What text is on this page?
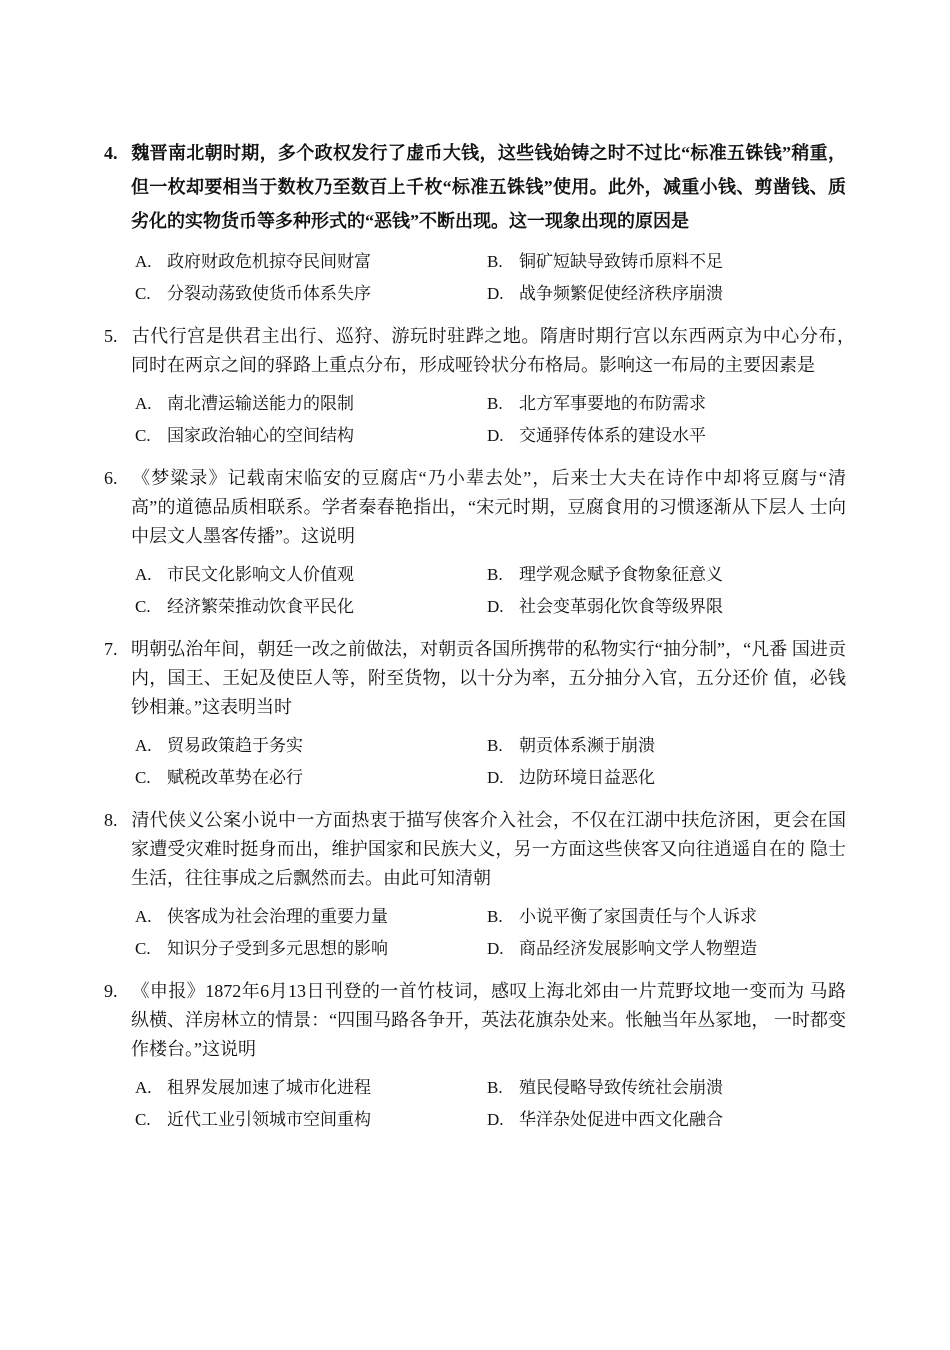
4. 魏晋南北朝时期，多个政权发行了虚币大钱，这些钱始铸之时不过比“标准五铢钱”稍重，但一枚却要相当于数枚乃至数百上千枚“标准五铢钱”使用。此外，减重小钱、剪凿钱、质劣化的实物货币等多种形式的“恶钱”不断出现。这一现象出现的原因是
A. 政府财政危机掠夺民间财富	B. 铜矿短缺导致铸币原料不足
C. 分裂动荡致使货币体系失序	D. 战争频繁促使经济秩序崩溃
5. 古代行宫是供君主出行、巡狩、游玩时驻跸之地。隋唐时期行宫以东西两京为中心分布，　同时在两京之间的驿路上重点分布，形成哑铃状分布格局。影响这一布局的主要因素是
A. 南北漕运输送能力的限制	B. 北方军事要地的布防需求
C. 国家政治轴心的空间结构	D. 交通驿传体系的建设水平
6. 《梦粱录》记载南宋临安的豆腐店“乃小辈去处”，后来士大夫在诗作中却将豆腐与“清 高”的道德品质相联系。学者秦春艳指出，“宋元时期，豆腐食用的习惯逐渐从下层人 士向中层文人墨客传播”。这说明
A. 市民文化影响文人价值观	B. 理学观念赋予食物象征意义
C. 经济繁荣推动饮食平民化	D. 社会变革弱化饮食等级界限
7. 明朝弘治年间，朝廷一改之前做法，对朝贡各国所携带的私物实行“抽分制”，“凡番 国进贡内，国王、王妃及使臣人等，附至货物，以十分为率，五分抽分入官，五分还价 值，必钱钞相兼。”这表明当时
A. 贸易政策趋于务实	B. 朝贡体系濒于崩溃
C. 赋税改革势在必行	D. 边防环境日益恶化
8. 清代侠义公案小说中一方面热衷于描写侠客介入社会，不仅在江湖中扶危济困，更会在国家遭受灾难时挺身而出，维护国家和民族大义，另一方面这些侠客又向往逍遥自在的 隐士生活，往往事成之后飘然而去。由此可知清朝
A. 侠客成为社会治理的重要力量	B. 小说平衡了家国责任与个人诉求
C. 知识分子受到多元思想的影响	D. 商品经济发展影响文学人物塑造
9. 《申报》1872年6月13日刊登的一首竹枝词，感叹上海北郊由一片荒野坟地一变而为 马路纵横、洋房林立的情景：“四围马路各争开，英法花旗杂处来。怅触当年丛冢地， 一时都变作楼台。”这说明
A. 租界发展加速了城市化进程	B. 殖民侵略导致传统社会崩溃
C. 近代工业引领城市空间重构	D. 华洋杂处促进中西文化融合
